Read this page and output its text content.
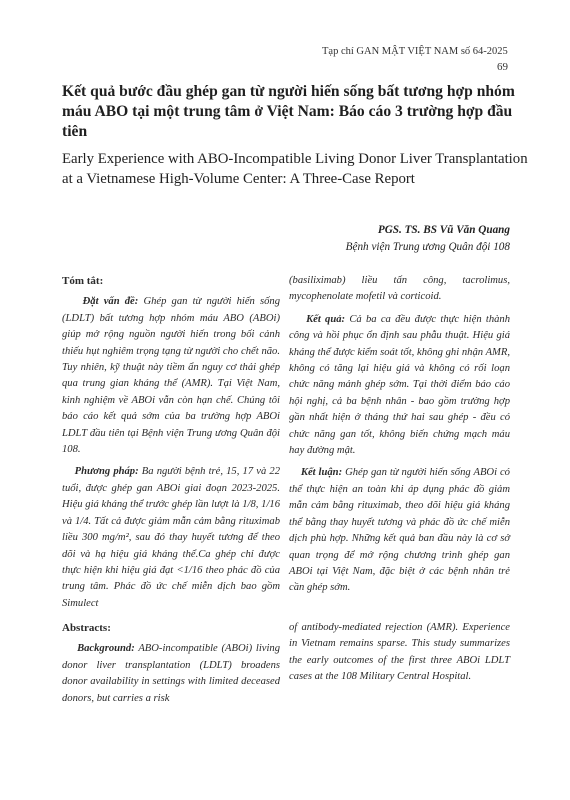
Tạp chí GAN MẬT VIỆT NAM số 64-2025
69
Kết quả bước đầu ghép gan từ người hiến sống bất tương hợp nhóm máu ABO tại một trung tâm ở Việt Nam: Báo cáo 3 trường hợp đầu tiên
Early Experience with ABO-Incompatible Living Donor Liver Transplantation at a Vietnamese High-Volume Center: A Three-Case Report
PGS. TS. BS Vũ Văn Quang
Bệnh viện Trung ương Quân đội 108

Tóm tắt:

Đặt vấn đề: Ghép gan từ người hiến sống (LDLT) bất tương hợp nhóm máu ABO (ABOi) giúp mở rộng nguồn người hiến trong bối cảnh thiếu hụt nghiêm trọng tạng từ người cho chết não. Tuy nhiên, kỹ thuật này tiềm ẩn nguy cơ thải ghép qua trung gian kháng thể (AMR). Tại Việt Nam, kinh nghiệm về ABOi vẫn còn hạn chế. Chúng tôi báo cáo kết quả sớm của ba trường hợp ABOi LDLT đầu tiên tại Bệnh viện Trung ương Quân đội 108.

Phương pháp: Ba người bệnh trẻ, 15, 17 và 22 tuổi, được ghép gan ABOi giai đoạn 2023-2025. Hiệu giá kháng thể trước ghép lần lượt là 1/8, 1/16 và 1/4. Tất cả được giảm mẫn cảm bằng rituximab liều 300 mg/m², sau đó thay huyết tương để theo dõi và hạ hiệu giá kháng thể.Ca ghép chỉ được thực hiện khi hiệu giá đạt <1/16 theo phác đồ của trung tâm. Phác đồ ức chế miễn dịch bao gồm Simulect

(basiliximab) liều tấn công, tacrolimus, mycophenolate mofetil và corticoid.

Kết quả: Cả ba ca đều được thực hiện thành công và hồi phục ổn định sau phẫu thuật. Hiệu giá kháng thể được kiểm soát tốt, không ghi nhận AMR, không có tăng lại hiệu giá và không có rối loạn chức năng mảnh ghép sớm. Tại thời điểm báo cáo hội nghị, cả ba bệnh nhân - bao gồm trường hợp gần nhất hiện ở tháng thứ hai sau ghép - đều có chức năng gan tốt, không biến chứng mạch máu hay đường mật.

Kết luận: Ghép gan từ người hiến sống ABOi có thể thực hiện an toàn khi áp dụng phác đồ giảm mẫn cảm bằng rituximab, theo dõi hiệu giá kháng thể bằng thay huyết tương và phác đồ ức chế miễn dịch phù hợp. Những kết quả ban đầu này là cơ sở quan trọng để mở rộng chương trình ghép gan ABOi tại Việt Nam, đặc biệt ở các bệnh nhân trẻ cần ghép sớm.

Abstracts:

Background: ABO-incompatible (ABOi) living donor liver transplantation (LDLT) broadens donor availability in settings with limited deceased donors, but carries a risk

of antibody-mediated rejection (AMR). Experience in Vietnam remains sparse. This study summarizes the early outcomes of the first three ABOi LDLT cases at the 108 Military Central Hospital.
